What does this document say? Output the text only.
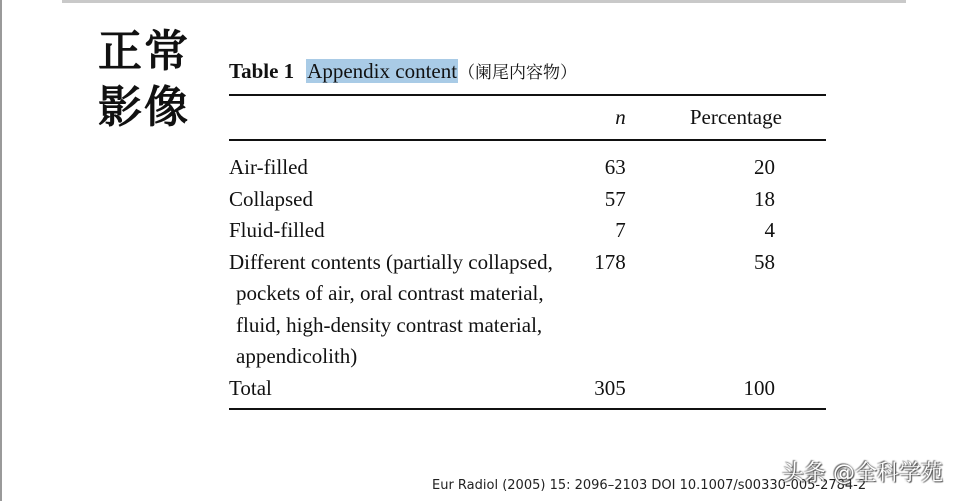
正常
影像
Table 1 Appendix content（阑尾内容物）
	n	Percentage

Air-filled	63	20

Collapsed	57	18

Fluid-filled	7	4

Different contents (partially collapsed,
pockets of air, oral contrast material,
fluid, high-density contrast material,
appendicolith)	178	58

Total	305	100
Eur Radiol (2005) 15: 2096–2103 DOI 10.1007/s00330-005-2784-2
头条 @全科学苑
